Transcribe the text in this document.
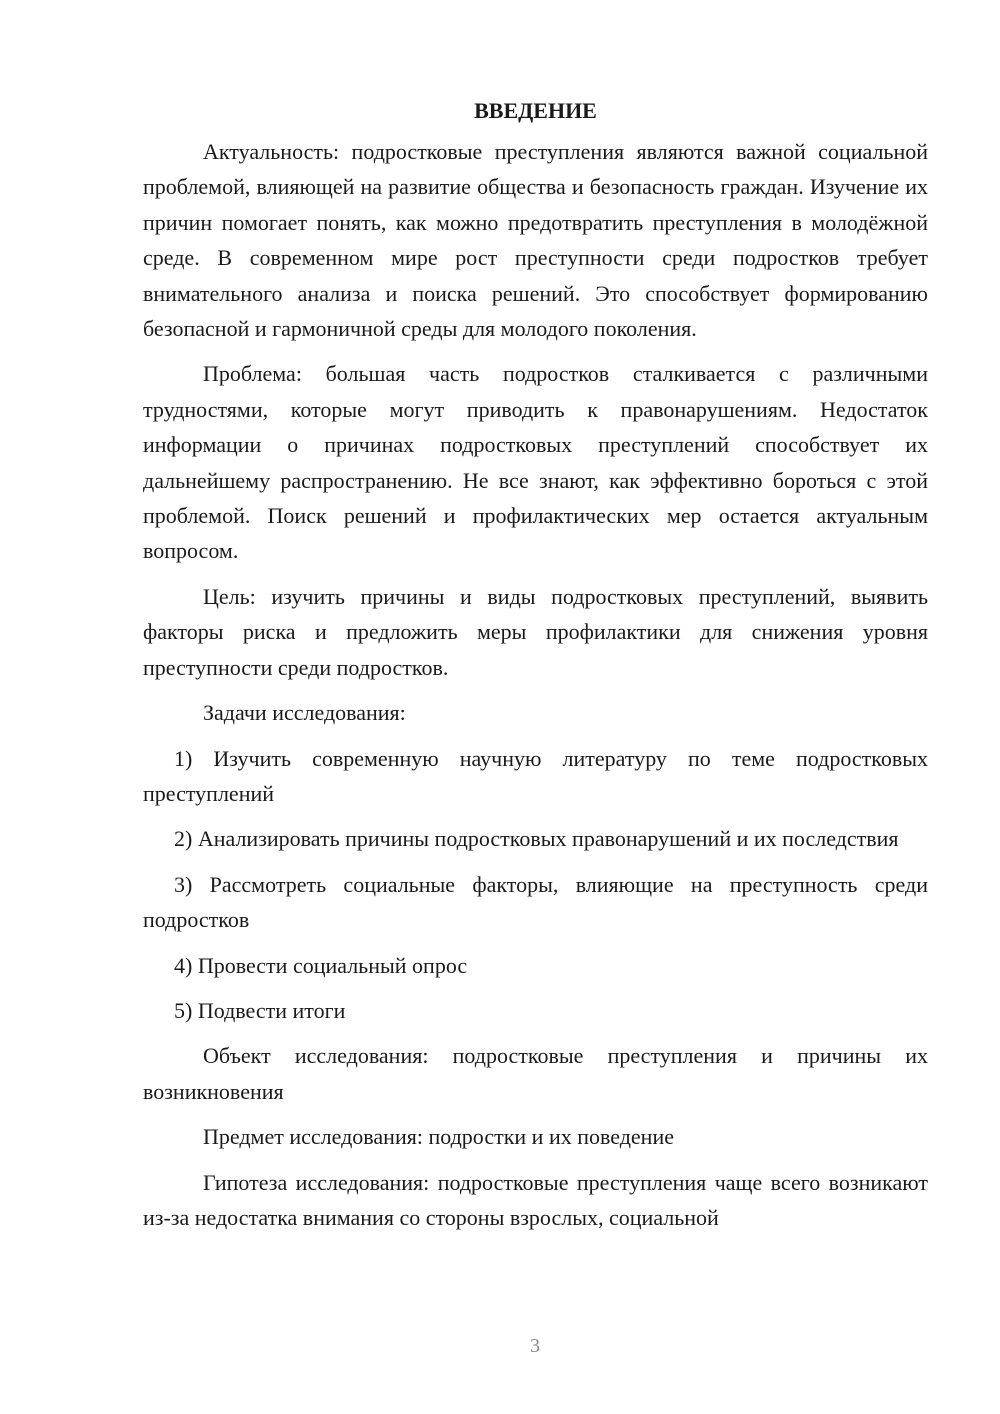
ВВЕДЕНИЕ

Актуальность: подростковые преступления являются важной социальной проблемой, влияющей на развитие общества и безопасность граждан. Изучение их причин помогает понять, как можно предотвратить преступления в молодёжной среде. В современном мире рост преступности среди подростков требует внимательного анализа и поиска решений. Это способствует формированию безопасной и гармоничной среды для молодого поколения.

Проблема: большая часть подростков сталкивается с различными трудностями, которые могут приводить к правонарушениям. Недостаток информации о причинах подростковых преступлений способствует их дальнейшему распространению. Не все знают, как эффективно бороться с этой проблемой. Поиск решений и профилактических мер остается актуальным вопросом.

Цель: изучить причины и виды подростковых преступлений, выявить факторы риска и предложить меры профилактики для снижения уровня преступности среди подростков.

Задачи исследования:

1) Изучить современную научную литературу по теме подростковых преступлений

2) Анализировать причины подростковых правонарушений и их последствия

3) Рассмотреть социальные факторы, влияющие на преступность среди подростков

4) Провести социальный опрос

5) Подвести итоги

Объект исследования: подростковые преступления и причины их возникновения

Предмет исследования: подростки и их поведение

Гипотеза исследования: подростковые преступления чаще всего возникают из-за недостатка внимания со стороны взрослых, социальной

3
